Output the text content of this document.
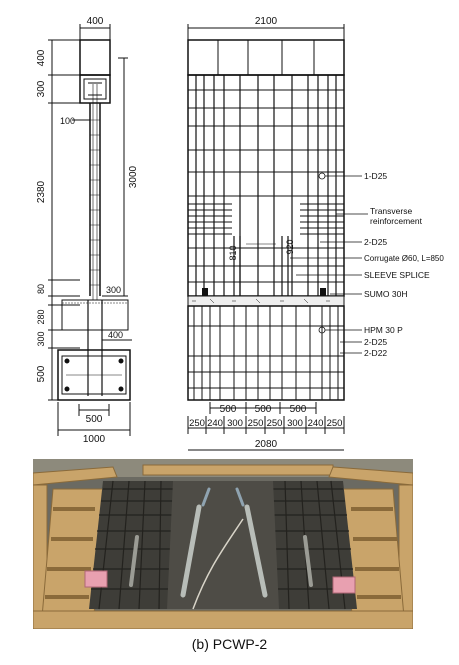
400
400
300
100
2380
3000
80
280
300
300
500
400
500
1000
2100
810	920
500 500 500
250 240 300 250 250 300 240 250
2080
1-D25
Transverse
reinforcement
2-D25
Corrugate Ø60, L=850
SLEEVE SPLICE
SUMO 30H
HPM 30 P
2-D25
2-D22
(b) PCWP-2
